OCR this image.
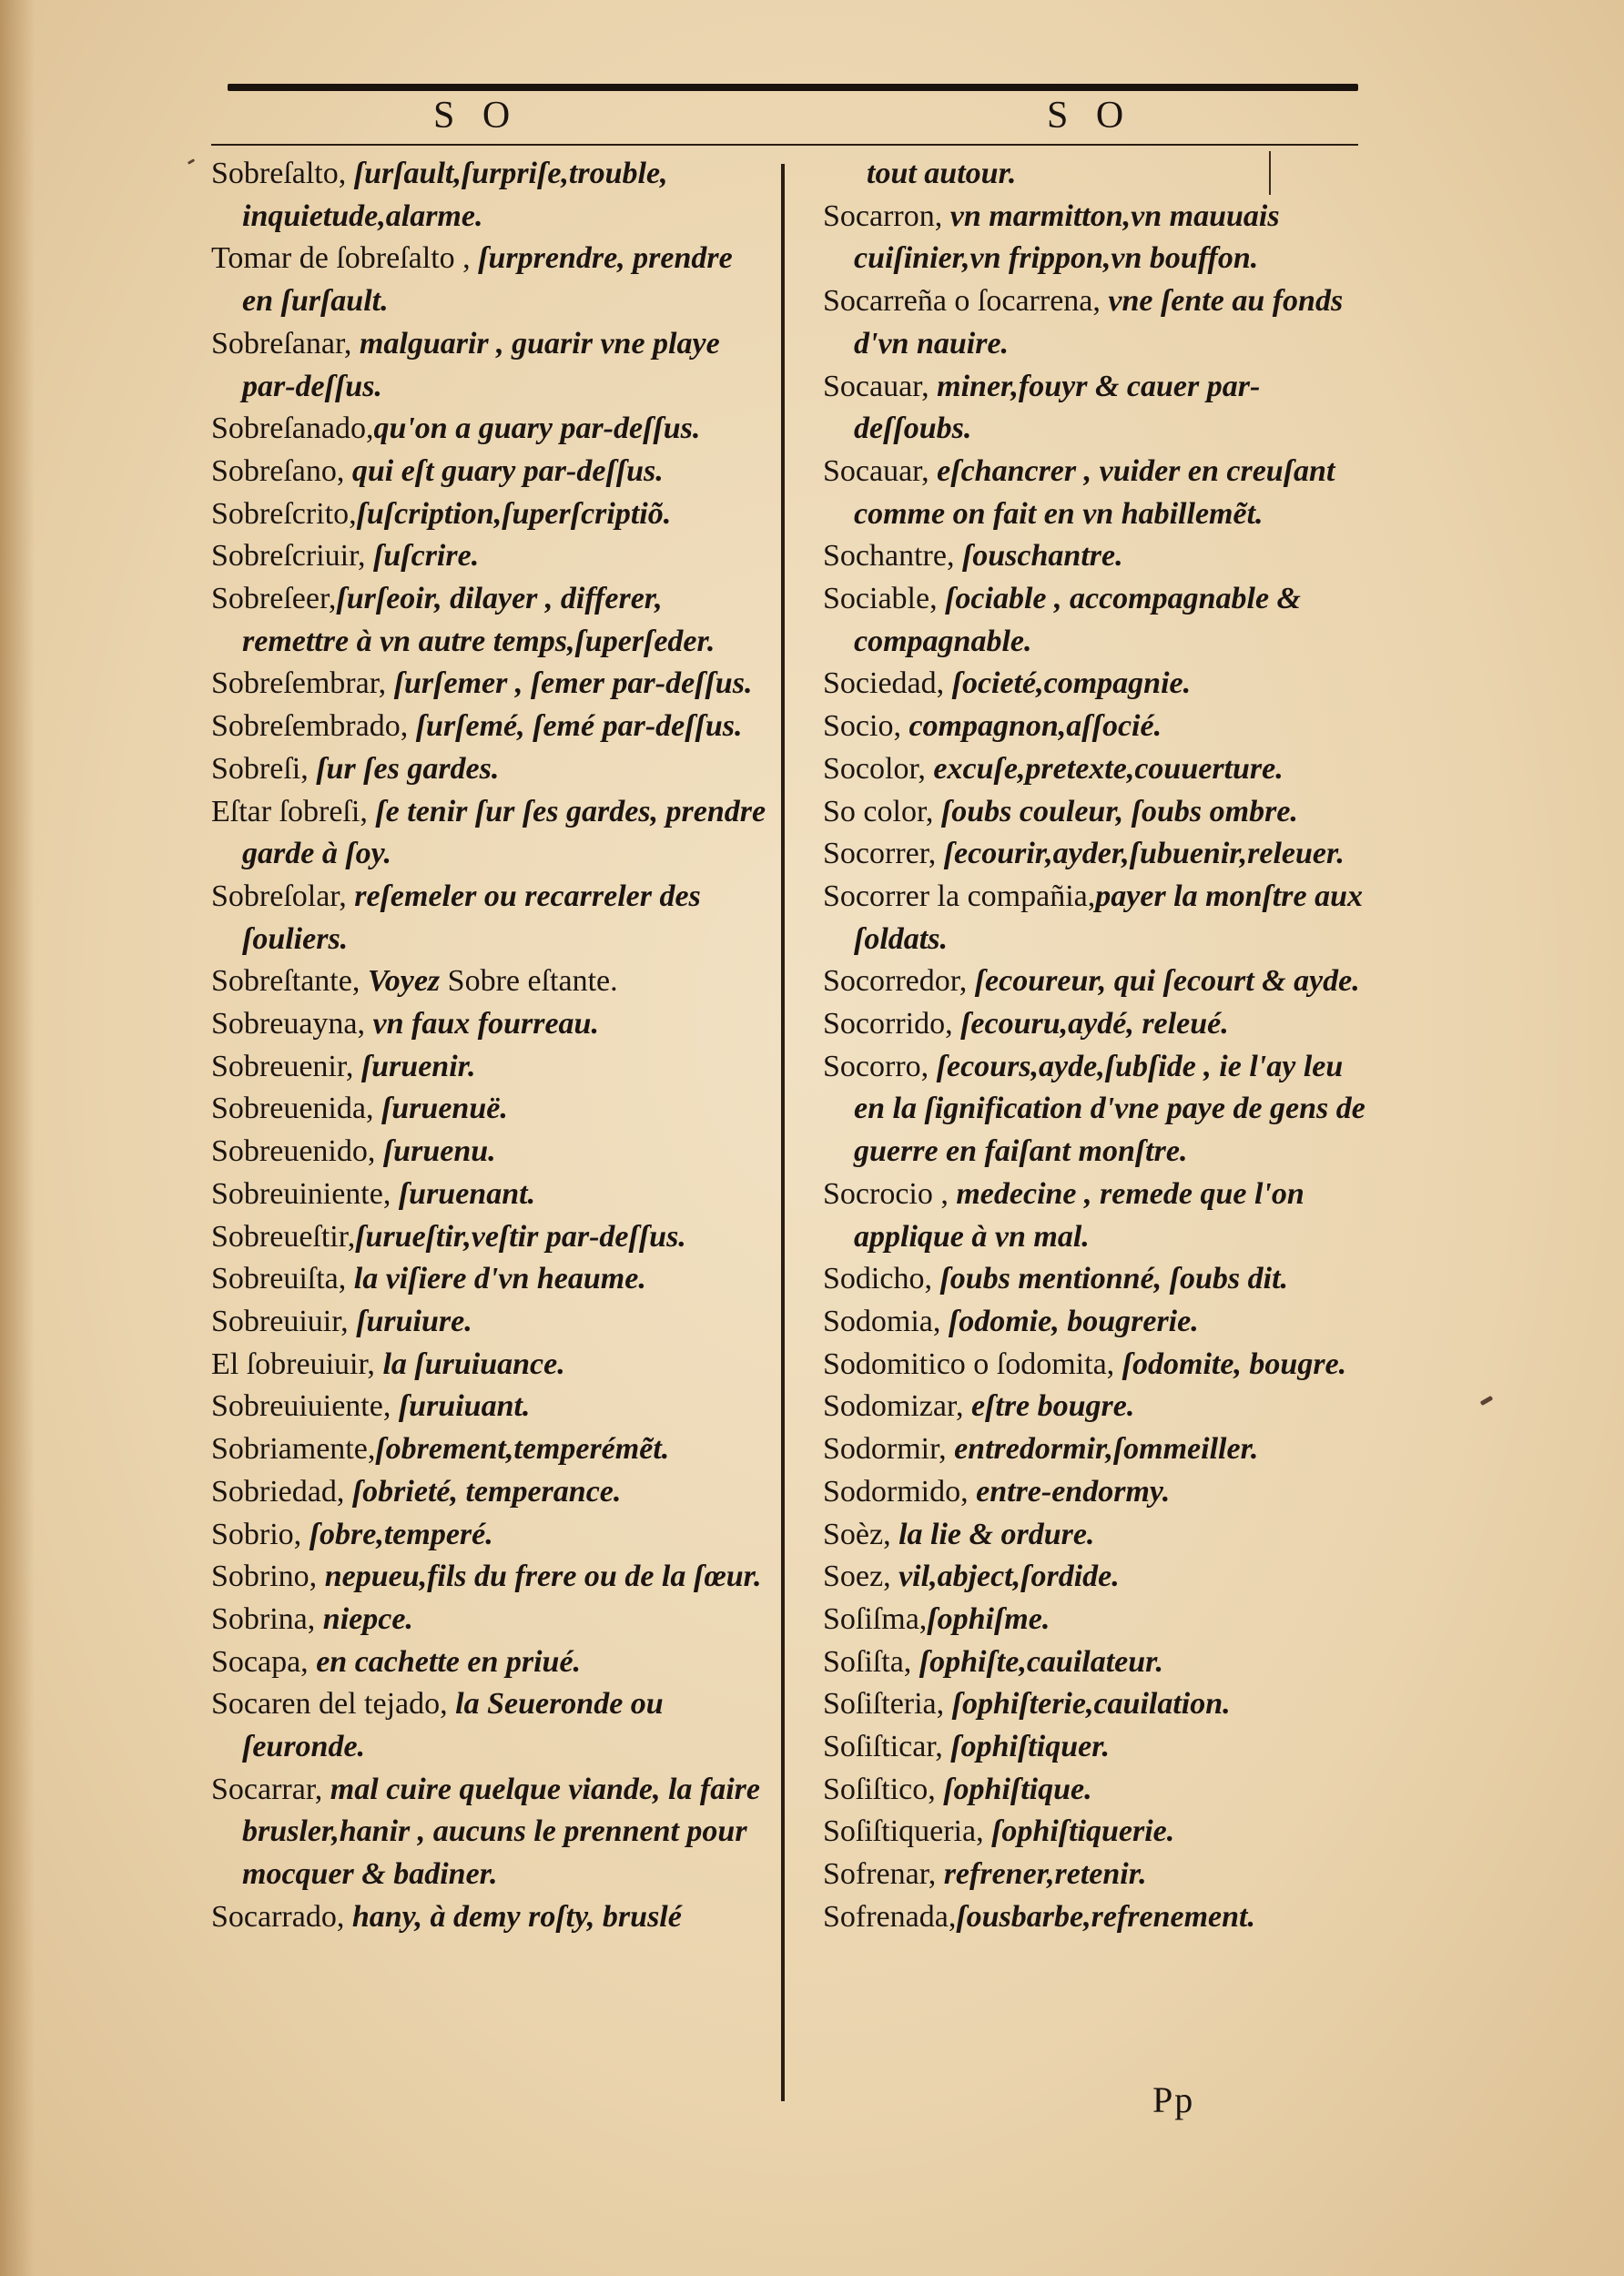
S O	S O

Sobreſalto, ſurſault,ſurpriſe,trouble, inquietude,alarme.

Tomar de ſobreſalto , ſurprendre, prendre en ſurſault.

Sobreſanar, malguarir , guarir vne playe par-deſſus.

Sobreſanado,qu'on a guary par-deſſus.

Sobreſano, qui eſt guary par-deſſus.

Sobreſcrito,ſuſcription,ſuperſcriptiõ.

Sobreſcriuir, ſuſcrire.

Sobreſeer,ſurſeoir, dilayer , differer, remettre à vn autre temps,ſuperſeder.

Sobreſembrar, ſurſemer , ſemer par-deſſus.

Sobreſembrado, ſurſemé, ſemé par-deſſus.

Sobreſi, ſur ſes gardes.

Eſtar ſobreſi, ſe tenir ſur ſes gardes, prendre garde à ſoy.

Sobreſolar, reſemeler ou recarreler des ſouliers.

Sobreſtante, Voyez Sobre eſtante.

Sobreuayna, vn faux fourreau.

Sobreuenir, ſuruenir.

Sobreuenida, ſuruenuë.

Sobreuenido, ſuruenu.

Sobreuiniente, ſuruenant.

Sobreueſtir,ſurueſtir,veſtir par-deſſus.

Sobreuiſta, la viſiere d'vn heaume.

Sobreuiuir, ſuruiure.

El ſobreuiuir, la ſuruiuance.

Sobreuiuiente, ſuruiuant.

Sobriamente,ſobrement,temperémẽt.

Sobriedad, ſobrieté, temperance.

Sobrio, ſobre,temperé.

Sobrino, nepueu,fils du frere ou de la ſœur.

Sobrina, niepce.

Socapa, en cachette en priué.

Socaren del tejado, la Seueronde ou ſeuronde.

Socarrar, mal cuire quelque viande, la faire brusler,hanir , aucuns le prennent pour mocquer & badiner.

Socarrado, hany, à demy roſty, bruslé

tout autour.

Socarron, vn marmitton,vn mauuais cuiſinier,vn frippon,vn bouffon.

Socarreña o ſocarrena, vne ſente au fonds d'vn nauire.

Socauar, miner,fouyr & cauer par-deſſoubs.

Socauar, eſchancrer , vuider en creuſant comme on fait en vn habillemẽt.

Sochantre, ſouschantre.

Sociable, ſociable , accompagnable & compagnable.

Sociedad, ſocieté,compagnie.

Socio, compagnon,aſſocié.

Socolor, excuſe,pretexte,couuerture.

So color, ſoubs couleur, ſoubs ombre.

Socorrer, ſecourir,ayder,ſubuenir,releuer.

Socorrer la compañia,payer la monſtre aux ſoldats.

Socorredor, ſecoureur, qui ſecourt & ayde.

Socorrido, ſecouru,aydé, releué.

Socorro, ſecours,ayde,ſubſide , ie l'ay leu en la ſignification d'vne paye de gens de guerre en faiſant monſtre.

Socrocio , medecine , remede que l'on applique à vn mal.

Sodicho, ſoubs mentionné, ſoubs dit.

Sodomia, ſodomie, bougrerie.

Sodomitico o ſodomita, ſodomite, bougre.

Sodomizar, eſtre bougre.

Sodormir, entredormir,ſommeiller.

Sodormido, entre-endormy.

Soèz, la lie & ordure.

Soez, vil,abject,ſordide.

Soſiſma,ſophiſme.

Soſiſta, ſophiſte,cauilateur.

Soſiſteria, ſophiſterie,cauilation.

Soſiſticar, ſophiſtiquer.

Soſiſtico, ſophiſtique.

Soſiſtiqueria, ſophiſtiquerie.

Sofrenar, refrener,retenir.

Sofrenada,ſousbarbe,refrenement.

Pp
